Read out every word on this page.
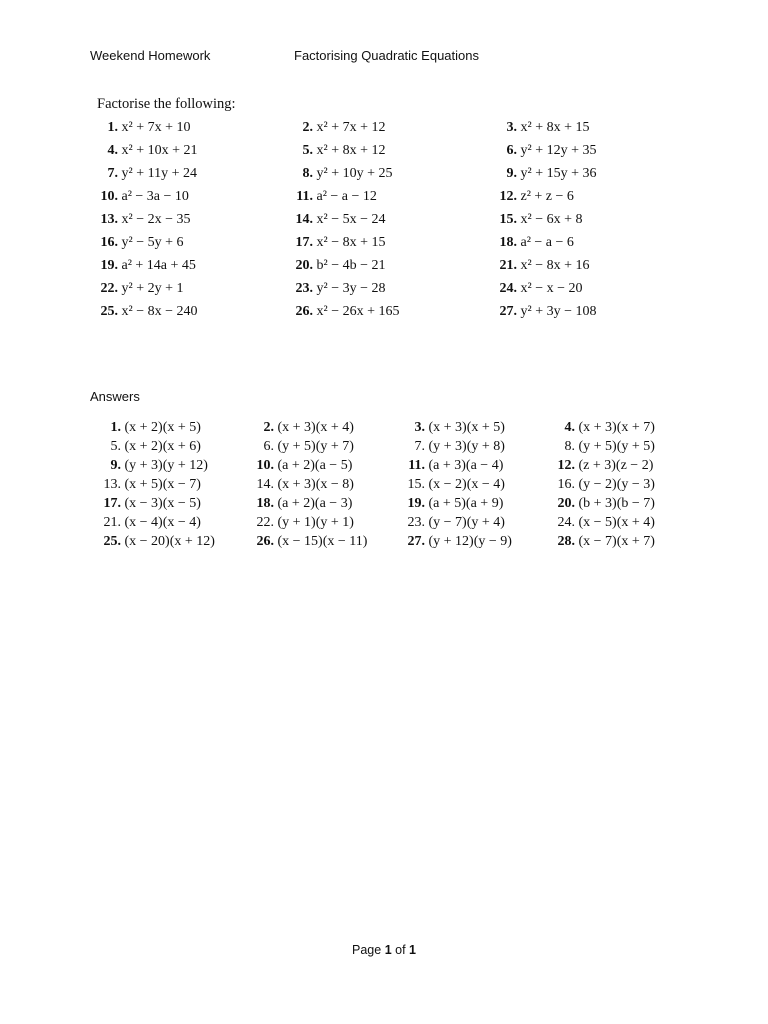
Weekend Homework	Factorising Quadratic Equations
Factorise the following:
1. x² + 7x + 10	2. x² + 7x + 12	3. x² + 8x + 15
4. x² + 10x + 21	5. x² + 8x + 12	6. y² + 12y + 35
7. y² + 11y + 24	8. y² + 10y + 25	9. y² + 15y + 36
10. a² − 3a − 10	11. a² − a − 12	12. z² + z − 6
13. x² − 2x − 35	14. x² − 5x − 24	15. x² − 6x + 8
16. y² − 5y + 6	17. x² − 8x + 15	18. a² − a − 6
19. a² + 14a + 45	20. b² − 4b − 21	21. x² − 8x + 16
22. y² + 2y + 1	23. y² − 3y − 28	24. x² − x − 20
25. x² − 8x − 240	26. x² − 26x + 165	27. y² + 3y − 108
Answers
1. (x + 2)(x + 5)	2. (x + 3)(x + 4)	3. (x + 3)(x + 5)	4. (x + 3)(x + 7)
5. (x + 2)(x + 6)	6. (y + 5)(y + 7)	7. (y + 3)(y + 8)	8. (y + 5)(y + 5)
9. (y + 3)(y + 12)	10. (a + 2)(a − 5)	11. (a + 3)(a − 4)	12. (z + 3)(z − 2)
13. (x + 5)(x − 7)	14. (x + 3)(x − 8)	15. (x − 2)(x − 4)	16. (y − 2)(y − 3)
17. (x − 3)(x − 5)	18. (a + 2)(a − 3)	19. (a + 5)(a + 9)	20. (b + 3)(b − 7)
21. (x − 4)(x − 4)	22. (y + 1)(y + 1)	23. (y − 7)(y + 4)	24. (x − 5)(x + 4)
25. (x − 20)(x + 12)	26. (x − 15)(x − 11)	27. (y + 12)(y − 9)	28. (x − 7)(x + 7)
Page 1 of 1
